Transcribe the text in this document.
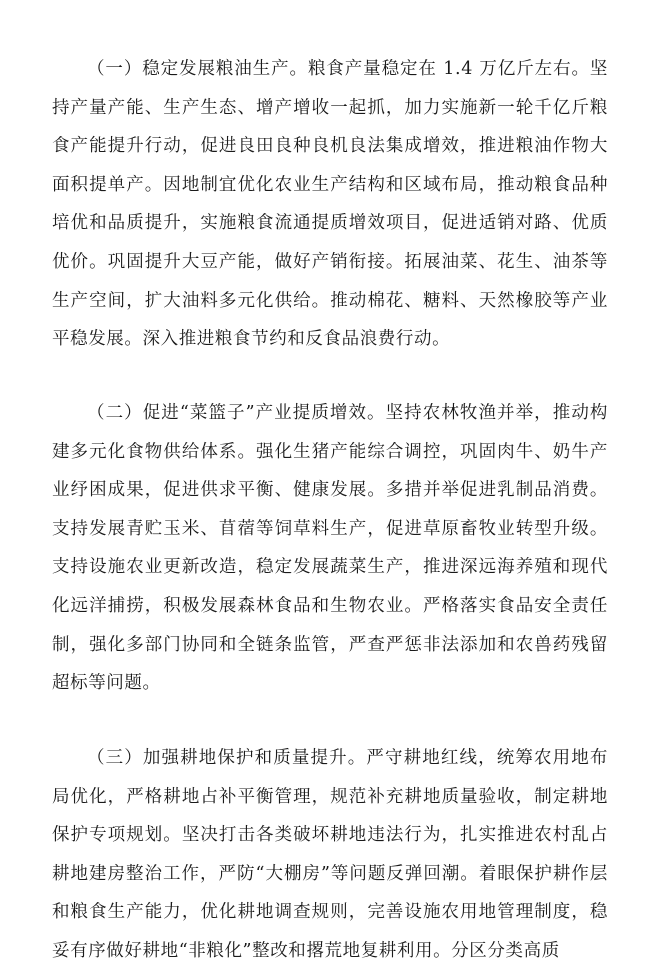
（一）稳定发展粮油生产。粮食产量稳定在 1.4 万亿斤左右。坚持产量产能、生产生态、增产增收一起抓，加力实施新一轮千亿斤粮食产能提升行动，促进良田良种良机良法集成增效，推进粮油作物大面积提单产。因地制宜优化农业生产结构和区域布局，推动粮食品种培优和品质提升，实施粮食流通提质增效项目，促进适销对路、优质优价。巩固提升大豆产能，做好产销衔接。拓展油菜、花生、油茶等生产空间，扩大油料多元化供给。推动棉花、糖料、天然橡胶等产业平稳发展。深入推进粮食节约和反食品浪费行动。

（二）促进“菜篮子”产业提质增效。坚持农林牧渔并举，推动构建多元化食物供给体系。强化生猪产能综合调控，巩固肉牛、奶牛产业纾困成果，促进供求平衡、健康发展。多措并举促进乳制品消费。支持发展青贮玉米、苜蓿等饲草料生产，促进草原畜牧业转型升级。支持设施农业更新改造，稳定发展蔬菜生产，推进深远海养殖和现代化远洋捕捞，积极发展森林食品和生物农业。严格落实食品安全责任制，强化多部门协同和全链条监管，严查严惩非法添加和农兽药残留超标等问题。

（三）加强耕地保护和质量提升。严守耕地红线，统筹农用地布局优化，严格耕地占补平衡管理，规范补充耕地质量验收，制定耕地保护专项规划。坚决打击各类破坏耕地违法行为，扎实推进农村乱占耕地建房整治工作，严防“大棚房”等问题反弹回潮。着眼保护耕作层和粮食生产能力，优化耕地调查规则，完善设施农用地管理制度，稳妥有序做好耕地“非粮化”整改和撂荒地复耕利用。分区分类高质
